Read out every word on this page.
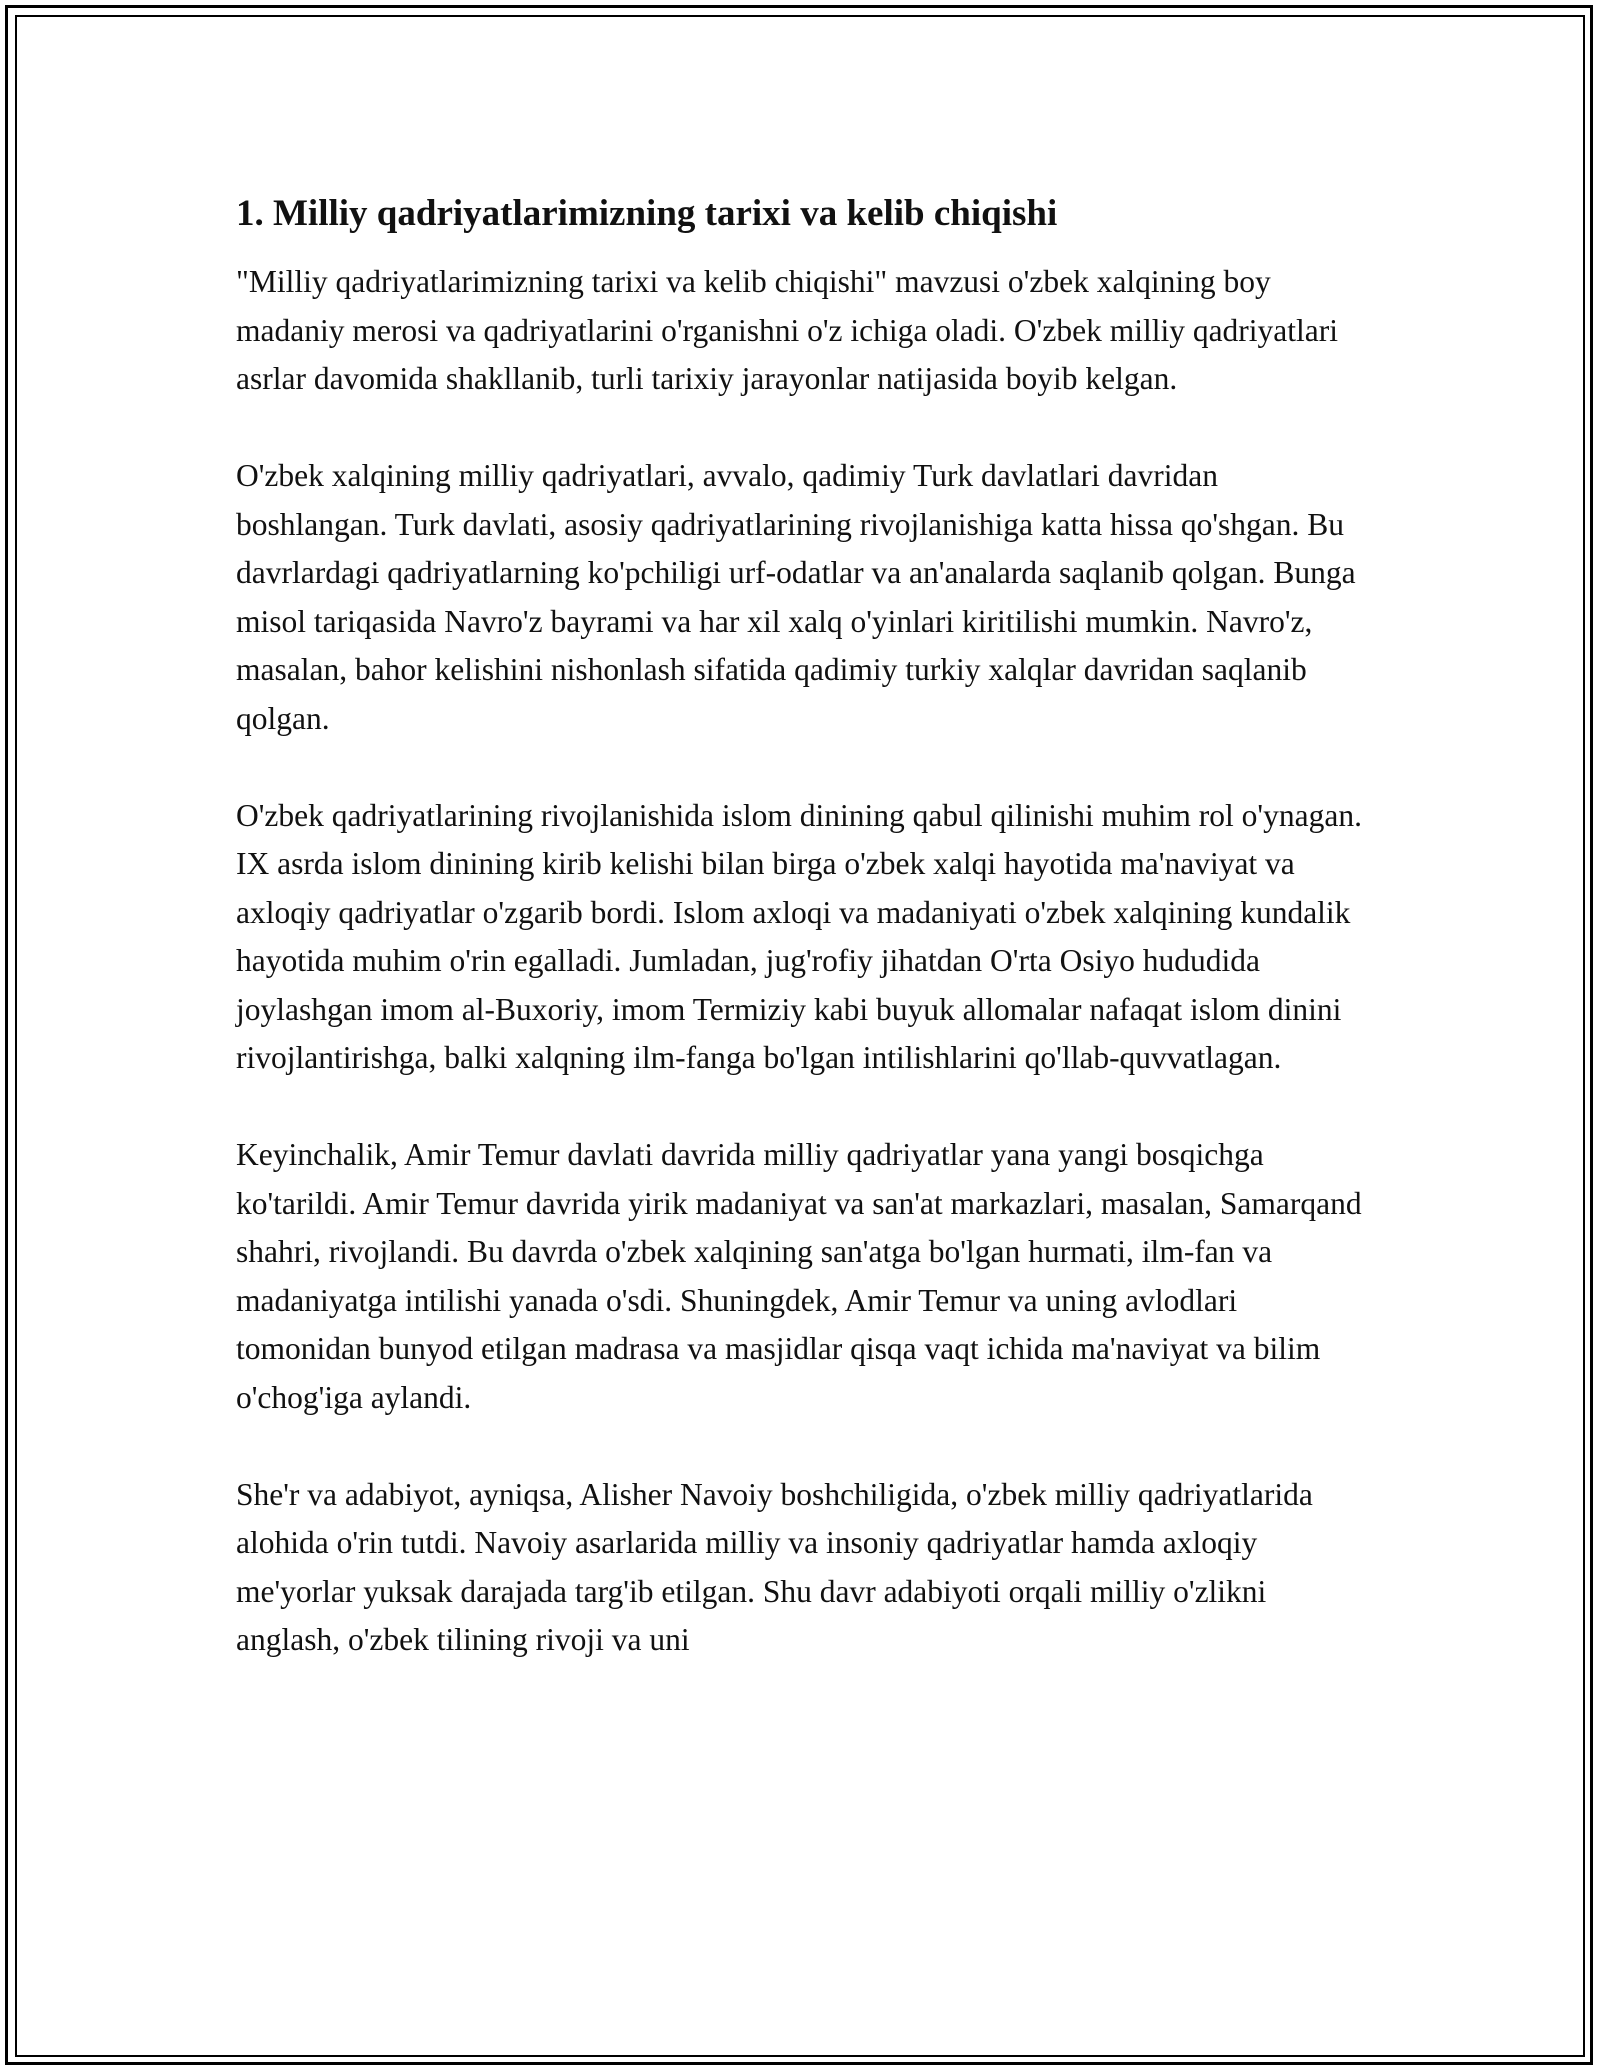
1. Milliy qadriyatlarimizning tarixi va kelib chiqishi

"Milliy qadriyatlarimizning tarixi va kelib chiqishi" mavzusi o'zbek xalqining boy madaniy merosi va qadriyatlarini o'rganishni o'z ichiga oladi. O'zbek milliy qadriyatlari asrlar davomida shakllanib, turli tarixiy jarayonlar natijasida boyib kelgan.

O'zbek xalqining milliy qadriyatlari, avvalo, qadimiy Turk davlatlari davridan boshlangan. Turk davlati, asosiy qadriyatlarining rivojlanishiga katta hissa qo'shgan. Bu davrlardagi qadriyatlarning ko'pchiligi urf-odatlar va an'analarda saqlanib qolgan. Bunga misol tariqasida Navro'z bayrami va har xil xalq o'yinlari kiritilishi mumkin. Navro'z, masalan, bahor kelishini nishonlash sifatida qadimiy turkiy xalqlar davridan saqlanib qolgan.

O'zbek qadriyatlarining rivojlanishida islom dinining qabul qilinishi muhim rol o'ynagan. IX asrda islom dinining kirib kelishi bilan birga o'zbek xalqi hayotida ma'naviyat va axloqiy qadriyatlar o'zgarib bordi. Islom axloqi va madaniyati o'zbek xalqining kundalik hayotida muhim o'rin egalladi. Jumladan, jug'rofiy jihatdan O'rta Osiyo hududida joylashgan imom al-Buxoriy, imom Termiziy kabi buyuk allomalar nafaqat islom dinini rivojlantirishga, balki xalqning ilm-fanga bo'lgan intilishlarini qo'llab-quvvatlagan.

Keyinchalik, Amir Temur davlati davrida milliy qadriyatlar yana yangi bosqichga ko'tarildi. Amir Temur davrida yirik madaniyat va san'at markazlari, masalan, Samarqand shahri, rivojlandi. Bu davrda o'zbek xalqining san'atga bo'lgan hurmati, ilm-fan va madaniyatga intilishi yanada o'sdi. Shuningdek, Amir Temur va uning avlodlari tomonidan bunyod etilgan madrasa va masjidlar qisqa vaqt ichida ma'naviyat va bilim o'chog'iga aylandi.

She'r va adabiyot, ayniqsa, Alisher Navoiy boshchiligida, o'zbek milliy qadriyatlarida alohida o'rin tutdi. Navoiy asarlarida milliy va insoniy qadriyatlar hamda axloqiy me'yorlar yuksak darajada targ'ib etilgan. Shu davr adabiyoti orqali milliy o'zlikni anglash, o'zbek tilining rivoji va uni
